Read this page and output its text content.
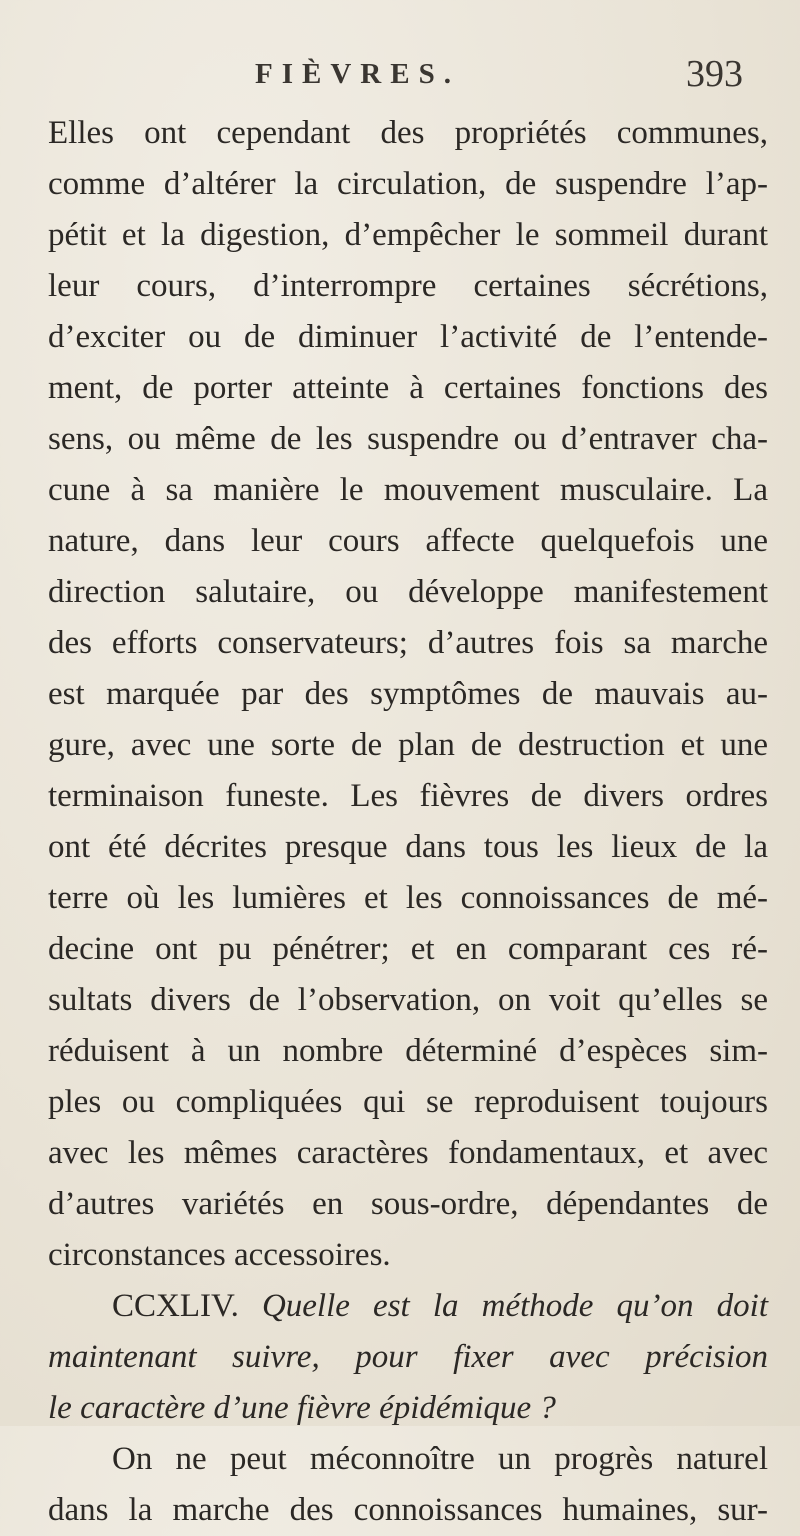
FIÈVRES.	393
Elles ont cependant des propriétés communes,
comme d’altérer la circulation, de suspendre l’ap-
pétit et la digestion, d’empêcher le sommeil durant
leur cours, d’interrompre certaines sécrétions,
d’exciter ou de diminuer l’activité de l’entende-
ment, de porter atteinte à certaines fonctions des
sens, ou même de les suspendre ou d’entraver cha-
cune à sa manière le mouvement musculaire. La
nature, dans leur cours affecte quelquefois une
direction salutaire, ou développe manifestement
des efforts conservateurs; d’autres fois sa marche
est marquée par des symptômes de mauvais au-
gure, avec une sorte de plan de destruction et une
terminaison funeste. Les fièvres de divers ordres
ont été décrites presque dans tous les lieux de la
terre où les lumières et les connoissances de mé-
decine ont pu pénétrer; et en comparant ces ré-
sultats divers de l’observation, on voit qu’elles se
réduisent à un nombre déterminé d’espèces sim-
ples ou compliquées qui se reproduisent toujours
avec les mêmes caractères fondamentaux, et avec
d’autres variétés en sous-ordre, dépendantes de
circonstances accessoires.
CCXLIV. Quelle est la méthode qu’on doit
maintenant suivre, pour fixer avec précision
le caractère d’une fièvre épidémique ?
On ne peut méconnoître un progrès naturel
dans la marche des connoissances humaines, sur-
